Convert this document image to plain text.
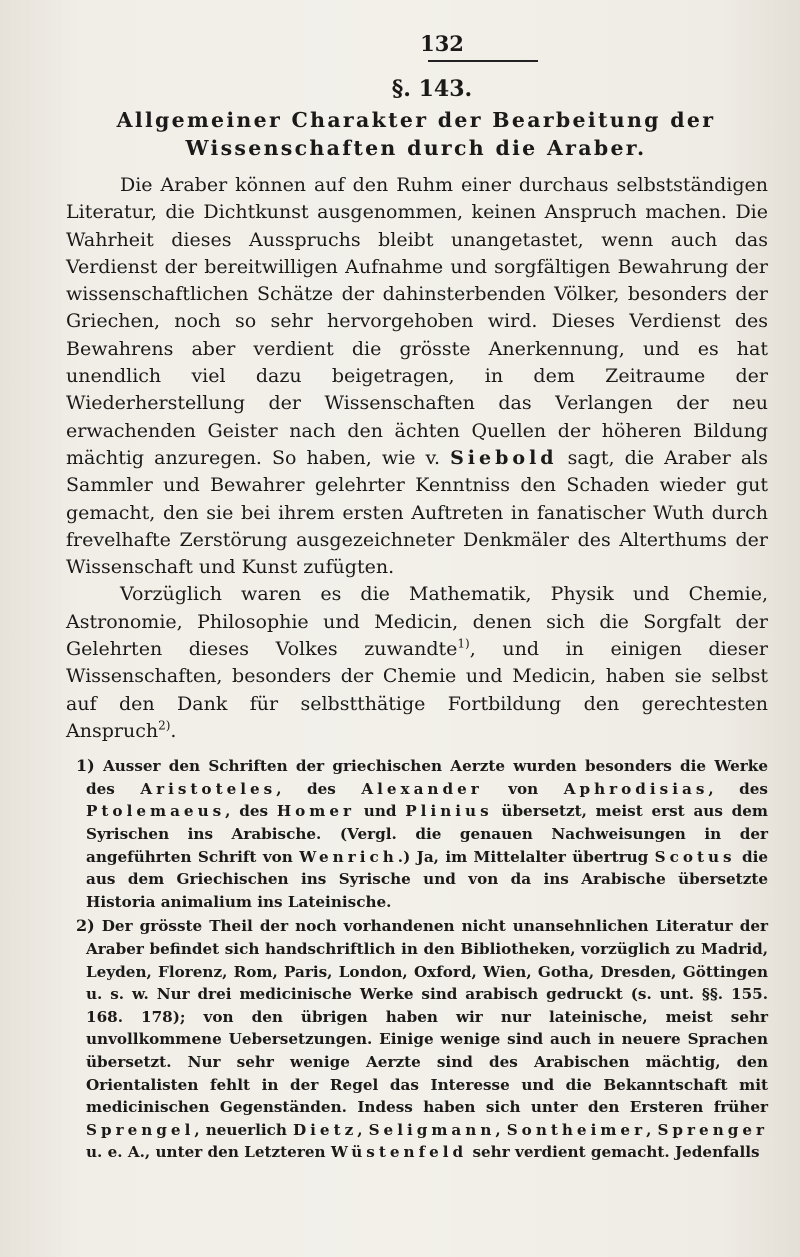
132
§. 143.
Allgemeiner Charakter der Bearbeitung der Wissenschaften durch die Araber.

Die Araber können auf den Ruhm einer durchaus selbstständigen Literatur, die Dichtkunst ausgenommen, keinen Anspruch machen. Die Wahrheit dieses Ausspruchs bleibt unangetastet, wenn auch das Verdienst der bereitwilligen Aufnahme und sorgfältigen Bewahrung der wissenschaftlichen Schätze der dahinsterbenden Völker, besonders der Griechen, noch so sehr hervorgehoben wird. Dieses Verdienst des Bewahrens aber verdient die grösste Anerkennung, und es hat unendlich viel dazu beigetragen, in dem Zeitraume der Wiederherstellung der Wissenschaften das Verlangen der neu erwachenden Geister nach den ächten Quellen der höheren Bildung mächtig anzuregen. So haben, wie v. Siebold sagt, die Araber als Sammler und Bewahrer gelehrter Kenntniss den Schaden wieder gut gemacht, den sie bei ihrem ersten Auftreten in fanatischer Wuth durch frevelhafte Zerstörung ausgezeichneter Denkmäler des Alterthums der Wissenschaft und Kunst zufügten.

Vorzüglich waren es die Mathematik, Physik und Chemie, Astronomie, Philosophie und Medicin, denen sich die Sorgfalt der Gelehrten dieses Volkes zuwandte$^{1)}$, und in einigen dieser Wissenschaften, besonders der Chemie und Medicin, haben sie selbst auf den Dank für selbstthätige Fortbildung den gerechtesten Anspruch$^{2)}$.

1) Ausser den Schriften der griechischen Aerzte wurden besonders die Werke des Aristoteles, des Alexander von Aphrodisias, des Ptolemaeus, des Homer und Plinius übersetzt, meist erst aus dem Syrischen ins Arabische. (Vergl. die genauen Nachweisungen in der angeführten Schrift von Wenrich.) Ja, im Mittelalter übertrug Scotus die aus dem Griechischen ins Syrische und von da ins Arabische übersetzte Historia animalium ins Lateinische.
2) Der grösste Theil der noch vorhandenen nicht unansehnlichen Literatur der Araber befindet sich handschriftlich in den Bibliotheken, vorzüglich zu Madrid, Leyden, Florenz, Rom, Paris, London, Oxford, Wien, Gotha, Dresden, Göttingen u. s. w. Nur drei medicinische Werke sind arabisch gedruckt (s. unt. §§. 155. 168. 178); von den übrigen haben wir nur lateinische, meist sehr unvollkommene Uebersetzungen. Einige wenige sind auch in neuere Sprachen übersetzt. Nur sehr wenige Aerzte sind des Arabischen mächtig, den Orientalisten fehlt in der Regel das Interesse und die Bekanntschaft mit medicinischen Gegenständen. Indess haben sich unter den Ersteren früher Sprengel, neuerlich Dietz, Seligmann, Sontheimer, Sprenger u. e. A., unter den Letzteren Wüstenfeld sehr verdient gemacht. Jedenfalls
